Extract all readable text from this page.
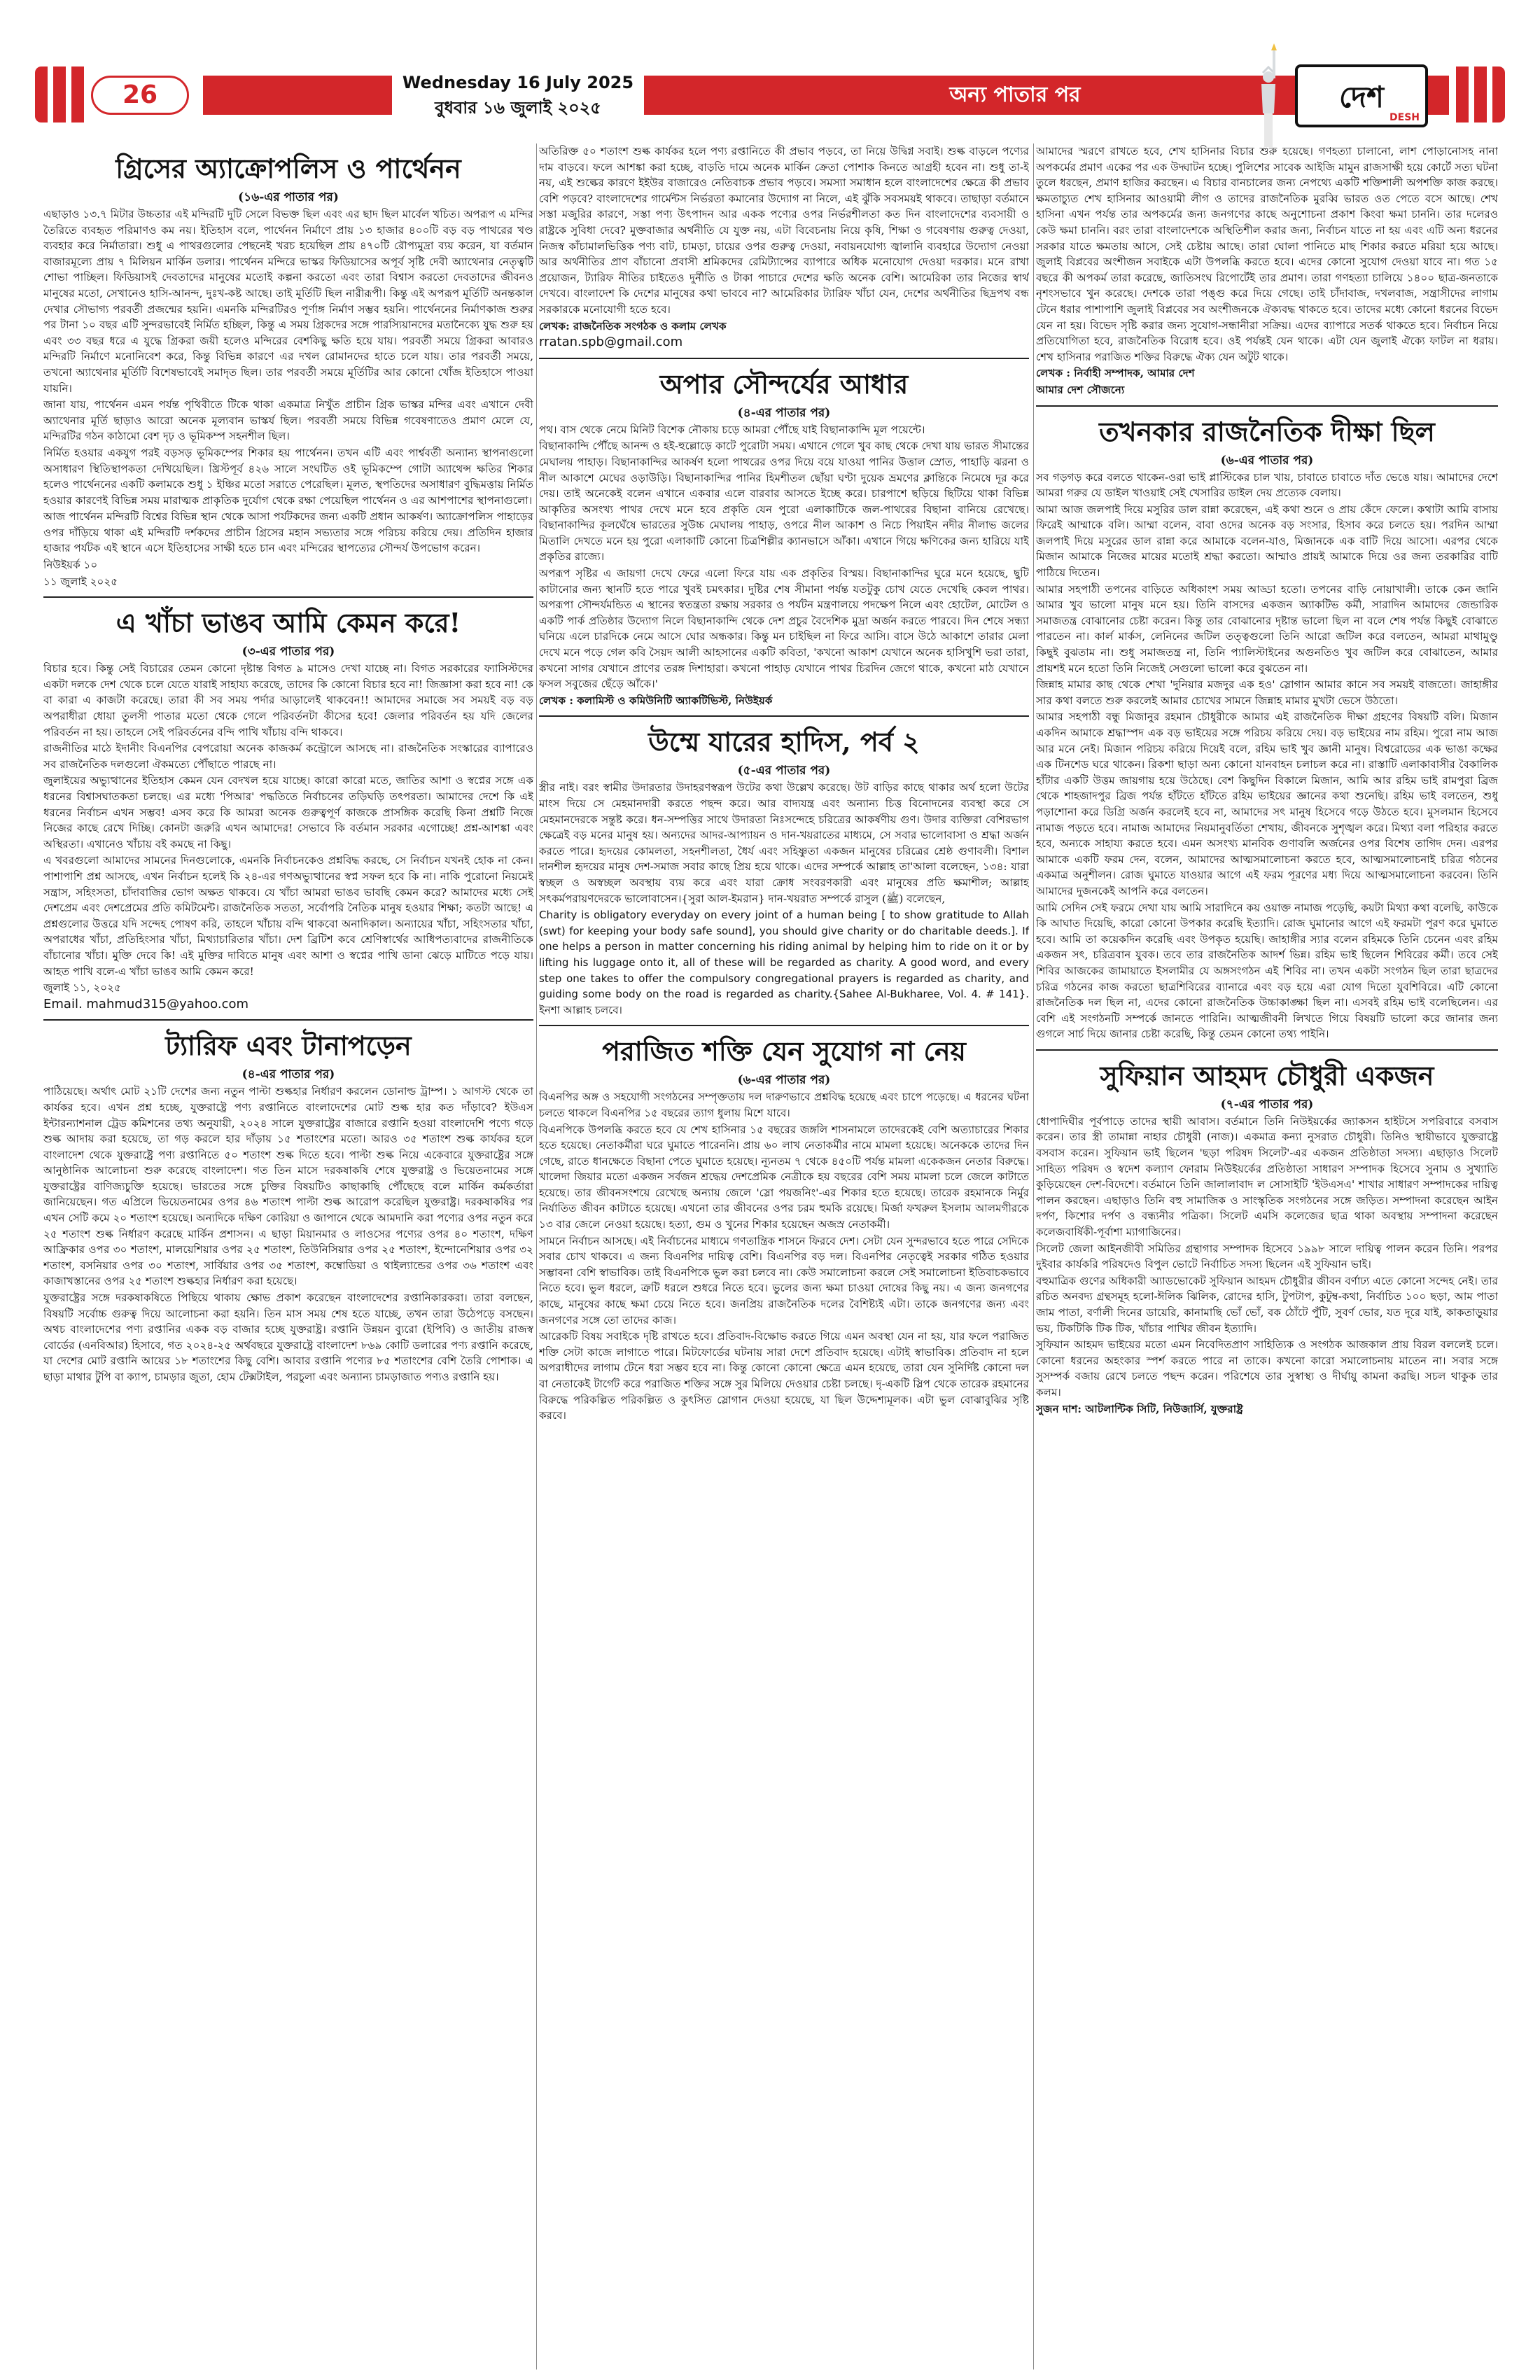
26	Wednesday 16 July 2025
বুধবার ১৬ জুলাই ২০২৫
অন্য পাতার পর	দেশ
DESH
গ্রিসের অ্যাক্রোপলিস ও পার্থেনন
(১৬-এর পাতার পর)

এছাড়াও ১৩.৭ মিটার উচ্চতার এই মন্দিরটি দুটি সেলে বিভক্ত ছিল এবং এর ছাদ ছিল মার্বেল খচিত। অপরূপ এ মন্দির তৈরিতে ব্যবহৃত পরিমাণও কম নয়। ইতিহাস বলে, পার্থেনন নির্মাণে প্রায় ১৩ হাজার ৪০০টি বড় বড় পাথরের খণ্ড ব্যবহার করে নির্মাতারা। শুধু এ পাথরগুলোর পেছনেই খরচ হয়েছিল প্রায় ৪৭০টি রৌপ্যমুদ্রা ব্যয় করেন, যা বর্তমান বাজারমূল্যে প্রায় ৭ মিলিয়ন মার্কিন ডলার। পার্থেনন মন্দিরে ভাস্কর ফিডিয়াসের অপূর্ব সৃষ্টি দেবী অ্যাথেনার নেতৃত্বটি শোভা পাচ্ছিল। ফিডিয়াসই দেবতাদের মানুষের মতোই কল্পনা করতো এবং তারা বিশ্বাস করতো দেবতাদের জীবনও মানুষের মতো, সেখানেও হাসি-আনন্দ, দুঃখ-কষ্ট আছে। তাই মূর্তিটি ছিল নারীরূপী। কিন্তু এই অপরূপ মূর্তিটি অনন্তকাল দেখার সৌভাগ্য পরবর্তী প্রজন্মের হয়নি। এমনকি মন্দিরটিরও পূর্ণাঙ্গ নির্মাণ সম্ভব হয়নি। পার্থেননের নির্মাণকাজ শুরুর পর টানা ১০ বছর এটি সুন্দরভাবেই নির্মিত হচ্ছিল, কিন্তু এ সময় গ্রিকদের সঙ্গে পারস্যিয়ানদের মতানৈক্যে যুদ্ধ শুরু হয় এবং ৩৩ বছর ধরে এ যুদ্ধে গ্রিকরা জয়ী হলেও মন্দিরের বেশকিছু ক্ষতি হয়ে যায়। পরবর্তী সময়ে গ্রিকরা আবারও মন্দিরটি নির্মাণে মনোনিবেশ করে, কিন্তু বিভিন্ন কারণে এর দখল রোমানদের হাতে চলে যায়। তার পরবর্তী সময়ে, তখনো অ্যাথেনার মূর্তিটি বিশেষভাবেই সমাদৃত ছিল। তার পরবর্তী সময়ে মূর্তিটির আর কোনো খোঁজ ইতিহাসে পাওয়া যায়নি।

জানা যায়, পার্থেনন এমন পর্যন্ত পৃথিবীতে টিকে থাকা একমাত্র নিখুঁত প্রাচীন গ্রিক ভাস্কর মন্দির এবং এখানে দেবী অ্যাথেনার মূর্তি ছাড়াও আরো অনেক মূল্যবান ভাস্কর্য ছিল। পরবর্তী সময়ে বিভিন্ন গবেষণাতেও প্রমাণ মেলে যে, মন্দিরটির গঠন কাঠামো বেশ দৃঢ় ও ভূমিকম্প সহনশীল ছিল।

নির্মিত হওয়ার একযুগ পরই বড়সড় ভূমিকম্পের শিকার হয় পার্থেনন। তখন এটি এবং পার্শ্ববর্তী অন্যান্য স্থাপনাগুলো অসাধারণ স্থিতিস্থাপকতা দেখিয়েছিল। খ্রিস্টপূর্ব ৪২৬ সালে সংঘটিত ওই ভূমিকম্পে গোটা অ্যাথেন্স ক্ষতির শিকার হলেও পার্থেননের একটি কলামকে শুধু ১ ইঞ্চির মতো সরাতে পেরেছিল। মূলত, স্থপতিদের অসাধারণ বুদ্ধিমত্তায় নির্মিত হওয়ার কারণেই বিভিন্ন সময় মারাত্মক প্রাকৃতিক দুর্যোগ থেকে রক্ষা পেয়েছিল পার্থেনন ও এর আশপাশের স্থাপনাগুলো।

আজ পার্থেনন মন্দিরটি বিশ্বের বিভিন্ন স্থান থেকে আসা পর্যটকদের জন্য একটি প্রধান আকর্ষণ। অ্যাক্রোপলিস পাহাড়ের ওপর দাঁড়িয়ে থাকা এই মন্দিরটি দর্শকদের প্রাচীন গ্রিসের মহান সভ্যতার সঙ্গে পরিচয় করিয়ে দেয়। প্রতিদিন হাজার হাজার পর্যটক এই স্থানে এসে ইতিহাসের সাক্ষী হতে চান এবং মন্দিরের স্থাপত্যের সৌন্দর্য উপভোগ করেন।

নিউইয়র্ক ১০

১১ জুলাই ২০২৫

এ খাঁচা ভাঙব আমি কেমন করে!
(৩-এর পাতার পর)

বিচার হবে। কিন্তু সেই বিচারের তেমন কোনো দৃষ্টান্ত বিগত ৯ মাসেও দেখা যাচ্ছে না। বিগত সরকারের ফ্যাসিস্টদের একটা দলকে দেশ থেকে চলে যেতে যারাই সাহায্য করেছে, তাদের কি কোনো বিচার হবে না! জিজ্ঞাসা করা হবে না! কে বা কারা এ কাজটা করেছে। তারা কী সব সময় পর্দার আড়ালেই থাকবেন!! আমাদের সমাজে সব সময়ই বড় বড় অপরাধীরা ধোয়া তুলসী পাতার মতো থেকে গেলে পরিবর্তনটা কীসের হবে! জেলার পরিবর্তন হয় যদি জেলের পরিবর্তন না হয়। তাহলে সেই পরিবর্তনের বন্দি পাখি খাঁচায় বন্দি থাকবে।

রাজনীতির মাঠে ইদানীং বিএনপির বেপরোয়া অনেক কাজকর্ম কন্ট্রোলে আসছে না। রাজনৈতিক সংস্কারের ব্যাপারেও সব রাজনৈতিক দলগুলো ঐকমত্যে পৌঁছাতে পারছে না।

জুলাইয়ের অভ্যুত্থানের ইতিহাস কেমন যেন বেদখল হয়ে যাচ্ছে। কারো কারো মতে, জাতির আশা ও স্বপ্নের সঙ্গে এক ধরনের বিশ্বাসঘাতকতা চলছে। এর মধ্যে 'পিআর' পদ্ধতিতে নির্বাচনের তড়িঘড়ি তৎপরতা। আমাদের দেশে কি এই ধরনের নির্বাচন এখন সম্ভব! এসব করে কি আমরা অনেক গুরুত্বপূর্ণ কাজকে প্রাসঙ্গিক করেছি কিনা প্রশ্নটি নিজে নিজের কাছে রেখে দিচ্ছি। কোনটা জরুরি এখন আমাদের! সেভাবে কি বর্তমান সরকার এগোচ্ছে! প্রশ্ন-আশঙ্কা এবং অস্থিরতা। এখানেও খাঁচায় বই কমছে না কিছু।

এ খবরগুলো আমাদের সামনের দিনগুলোকে, এমনকি নির্বাচনকেও প্রশ্নবিদ্ধ করছে, সে নির্বাচন যখনই হোক না কেন। পাশাপাশি প্রশ্ন আসছে, এখন নির্বাচন হলেই কি ২৪-এর গণঅভ্যুত্থানের স্বপ্ন সফল হবে কি না। নাকি পুরোনো নিয়মেই সন্ত্রাস, সহিংসতা, চাঁদাবাজির ভোগ অক্ষত থাকবে। যে খাঁচা আমরা ভাঙব ভাবছি কেমন করে? আমাদের মধ্যে সেই দেশপ্রেম এবং দেশপ্রেমের প্রতি কমিটমেন্ট। রাজনৈতিক সততা, সর্বোপরি নৈতিক মানুষ হওয়ার শিক্ষা; কতটা আছে! এ প্রশ্নগুলোর উত্তরে যদি সন্দেহ পোষণ করি, তাহলে খাঁচায় বন্দি থাকবো অনাদিকাল। অন্যায়ের খাঁচা, সহিংসতার খাঁচা, অপরাধের খাঁচা, প্রতিহিংসার খাঁচা, মিথ্যাচারিতার খাঁচা। দেশ ব্রিটিশ কবে শ্রেণিস্বার্থের আধিপত্যবাদের রাজনীতিকে বাঁচানোর খাঁচা। মুক্তি দেবে কি! এই মুক্তির দাবিতে মানুষ এবং আশা ও স্বপ্নের পাখি ডানা ঝেড়ে মাটিতে পড়ে যায়। আহত পাখি বলে-এ খাঁচা ভাঙব আমি কেমন করে!

জুলাই ১১, ২০২৫

Email. mahmud315@yahoo.com

ট্যারিফ এবং টানাপড়েন
(৪-এর পাতার পর)

পাঠিয়েছে। অর্থাৎ মোট ২১টি দেশের জন্য নতুন পাল্টা শুল্কহার নির্ধারণ করলেন ডোনাল্ড ট্রাম্প। ১ আগস্ট থেকে তা কার্যকর হবে। এখন প্রশ্ন হচ্ছে, যুক্তরাষ্ট্রে পণ্য রপ্তানিতে বাংলাদেশের মোট শুল্ক হার কত দাঁড়াবে? ইউএস ইন্টারন্যাশনাল ট্রেড কমিশনের তথ্য অনুযায়ী, ২০২৪ সালে যুক্তরাষ্ট্রের বাজারে রপ্তানি হওয়া বাংলাদেশি পণ্যে গড়ে শুল্ক আদায় করা হয়েছে, তা গড় করলে হার দাঁড়ায় ১৫ শতাংশের মতো। আরও ৩৫ শতাংশ শুল্ক কার্যকর হলে বাংলাদেশ থেকে যুক্তরাষ্ট্রে পণ্য রপ্তানিতে ৫০ শতাংশ শুল্ক দিতে হবে। পাল্টা শুল্ক নিয়ে একেবারে যুক্তরাষ্ট্রের সঙ্গে আনুষ্ঠানিক আলোচনা শুরু করেছে বাংলাদেশ। গত তিন মাসে দরকষাকষি শেষে যুক্তরাষ্ট্র ও ভিয়েতনামের সঙ্গে যুক্তরাষ্ট্রের বাণিজ্যচুক্তি হয়েছে। ভারতের সঙ্গে চুক্তির বিষয়টিও কাছাকাছি পৌঁছেছে বলে মার্কিন কর্মকর্তারা জানিয়েছেন। গত এপ্রিলে ভিয়েতনামের ওপর ৪৬ শতাংশ পাল্টা শুল্ক আরোপ করেছিল যুক্তরাষ্ট্র। দরকষাকষির পর এখন সেটি কমে ২০ শতাংশ হয়েছে। অন্যদিকে দক্ষিণ কোরিয়া ও জাপানে থেকে আমদানি করা পণ্যের ওপর নতুন করে ২৫ শতাংশ শুল্ক নির্ধারণ করেছে মার্কিন প্রশাসন। এ ছাড়া মিয়ানমার ও লাওসের পণ্যের ওপর ৪০ শতাংশ, দক্ষিণ আফ্রিকার ওপর ৩০ শতাংশ, মালয়েশিয়ার ওপর ২৫ শতাংশ, তিউনিসিয়ার ওপর ২৫ শতাংশ, ইন্দোনেশিয়ার ওপর ৩২ শতাংশ, বসনিয়ার ওপর ৩০ শতাংশ, সার্বিয়ার ওপর ৩৫ শতাংশ, কম্বোডিয়া ও থাইল্যান্ডের ওপর ৩৬ শতাংশ এবং কাজাখস্তানের ওপর ২৫ শতাংশ শুল্কহার নির্ধারণ করা হয়েছে।

যুক্তরাষ্ট্রের সঙ্গে দরকষাকষিতে পিছিয়ে থাকায় ক্ষোভ প্রকাশ করেছেন বাংলাদেশের রপ্তানিকারকরা। তারা বলছেন, বিষয়টি সর্বোচ্চ গুরুত্ব দিয়ে আলোচনা করা হয়নি। তিন মাস সময় শেষ হতে যাচ্ছে, তখন তারা উঠেপড়ে বসছেন। অথচ বাংলাদেশের পণ্য রপ্তানির একক বড় বাজার হচ্ছে যুক্তরাষ্ট্র। রপ্তানি উন্নয়ন ব্যুরো (ইপিবি) ও জাতীয় রাজস্ব বোর্ডের (এনবিআর) হিসাবে, গত ২০২৪-২৫ অর্থবছরে যুক্তরাষ্ট্রে বাংলাদেশ ৮৬৯ কোটি ডলারের পণ্য রপ্তানি করেছে, যা দেশের মোট রপ্তানি আয়ের ১৮ শতাংশের কিছু বেশি। আবার রপ্তানি পণ্যের ৮৫ শতাংশের বেশি তৈরি পোশাক। এ ছাড়া মাথার টুপি বা ক্যাপ, চামড়ার জুতা, হোম টেক্সটাইল, পরচুলা এবং অন্যান্য চামড়াজাত পণ্যও রপ্তানি হয়।

অতিরিক্ত ৫০ শতাংশ শুল্ক কার্যকর হলে পণ্য রপ্তানিতে কী প্রভাব পড়বে, তা নিয়ে উদ্বিগ্ন সবাই। শুল্ক বাড়লে পণ্যের দাম বাড়বে। ফলে আশঙ্কা করা হচ্ছে, বাড়তি দামে অনেক মার্কিন ক্রেতা পোশাক কিনতে আগ্রহী হবেন না। শুধু তা-ই নয়, এই শুল্কের কারণে ইইউর বাজারেও নেতিবাচক প্রভাব পড়বে। সমস্যা সমাধান হলে বাংলাদেশের ক্ষেত্রে কী প্রভাব বেশি পড়বে? বাংলাদেশের গার্মেন্টস নির্ভরতা কমানোর উদ্যোগ না নিলে, এই ঝুঁকি সবসময়ই থাকবে। তাছাড়া বর্তমানে সস্তা মজুরির কারণে, সস্তা পণ্য উৎপাদন আর একক পণ্যের ওপর নির্ভরশীলতা কত দিন বাংলাদেশের ব্যবসায়ী ও রাষ্ট্রকে সুবিধা দেবে? মুক্তবাজার অর্থনীতি যে যুক্ত নয়, এটা বিবেচনায় নিয়ে কৃষি, শিক্ষা ও গবেষণায় গুরুত্ব দেওয়া, নিজস্ব কাঁচামালভিত্তিক পণ্য বাট, চামড়া, চায়ের ওপর গুরুত্ব দেওয়া, নবায়নযোগ্য জ্বালানি ব্যবহারে উদ্যোগ নেওয়া আর অর্থনীতির প্রাণ বাঁচানো প্রবাসী শ্রমিকদের রেমিট্যান্সের ব্যাপারে অধিক মনোযোগ দেওয়া দরকার। মনে রাখা প্রয়োজন, ট্যারিফ নীতির চাইতেও দুর্নীতি ও টাকা পাচারে দেশের ক্ষতি অনেক বেশি। আমেরিকা তার নিজের স্বার্থ দেখবে। বাংলাদেশ কি দেশের মানুষের কথা ভাববে না? আমেরিকার ট্যারিফ খাঁচা যেন, দেশের অর্থনীতির ছিদ্রপথ বন্ধ সরকারকে মনোযোগী হতে হবে।

লেখক: রাজনৈতিক সংগঠক ও কলাম লেখক

rratan.spb@gmail.com

অপার সৌন্দর্যের আধার
(৪-এর পাতার পর)

পথ। বাস থেকে নেমে মিনিট বিশেক নৌকায় চড়ে আমরা পৌঁছে যাই বিছানাকান্দি মূল পয়েন্টে।

বিছানাকান্দি পৌঁছে আনন্দ ও হই-হুল্লোড়ে কাটে পুরোটা সময়। এখানে গেলে খুব কাছ থেকে দেখা যায় ভারত সীমান্তের মেঘালয় পাহাড়। বিছানাকান্দির আকর্ষণ হলো পাথরের ওপর দিয়ে বয়ে যাওয়া পানির উত্তাল স্রোত, পাহাড়ি ঝরনা ও নীল আকাশে মেঘের ওড়াউড়ি। বিছানাকান্দির পানির হিমশীতল ছোঁয়া ঘণ্টা দুয়েক ভ্রমণের ক্লান্তিকে নিমেষে দূর করে দেয়। তাই অনেকেই বলেন এখানে একবার এলে বারবার আসতে ইচ্ছে করে। চারপাশে ছড়িয়ে ছিটিয়ে থাকা বিভিন্ন আকৃতির অসংখ্য পাথর দেখে মনে হবে প্রকৃতি যেন পুরো এলাকাটিকে জল-পাথরের বিছানা বানিয়ে রেখেছে। বিছানাকান্দির কূলঘেঁষে ভারতের সুউচ্চ মেঘালয় পাহাড়, ওপরে নীল আকাশ ও নিচে পিয়াইন নদীর নীলাভ জলের মিতালি দেখতে মনে হয় পুরো এলাকাটি কোনো চিত্রশিল্পীর ক্যানভাসে আঁকা। এখানে গিয়ে ক্ষণিকের জন্য হারিয়ে যাই প্রকৃতির রাজ্যে।

অপরূপ সৃষ্টির এ জায়গা দেখে ফেরে এলো ফিরে যায় এক প্রকৃতির বিস্ময়। বিছানাকান্দির ঘুরে মনে হয়েছে, ছুটি কাটানোর জন্য স্থানটি হতে পারে খুবই চমৎকার। দুষ্টির শেষ সীমানা পর্যন্ত যতটুকু চোখ যেতে দেখেছি কেবল পাথর। অপরূপা সৌন্দর্যমন্ডিত এ স্থানের স্বতন্ত্রতা রক্ষায় সরকার ও পর্যটন মন্ত্রণালয়ে পদক্ষেপ নিলে এবং হোটেল, মোটেল ও একটি পার্ক প্রতিষ্ঠার উদ্যোগ নিলে বিছানাকান্দি থেকে দেশ প্রচুর বৈদেশিক মুদ্রা অর্জন করতে পারবে। দিন শেষে সন্ধ্যা ঘনিয়ে এলে চারদিকে নেমে আসে ঘোর অন্ধকার। কিন্তু মন চাইছিল না ফিরে আসি। বাসে উঠে আকাশে তারার মেলা দেখে মনে পড়ে গেল কবি সৈয়দ আলী আহসানের একটি কবিতা, 'কখনো আকাশ যেখানে অনেক হাসিখুশি ভরা তারা, কখনো সাগর যেখানে প্রাণের তরঙ্গ দিশাহারা। কখনো পাহাড় যেখানে পাথর চিরদিন জেগে থাকে, কখনো মাঠ যেখানে ফসল সবুজের ছেঁড়ে আঁকে।'

লেখক : কলামিস্ট ও কমিউনিটি অ্যাকটিভিস্ট, নিউইয়র্ক

উম্মে যারের হাদিস, পর্ব ২
(৫-এর পাতার পর)

স্ত্রীর নাই। বরং স্বামীর উদারতার উদাহরণস্বরূপ উটের কথা উল্লেখ করেছে। উট বাড়ির কাছে থাকার অর্থ হলো উটের মাংস দিয়ে সে মেহমানদারী করতে পছন্দ করে। আর বাদ্যযন্ত্র এবং অন্যান্য চিত্ত বিনোদনের ব্যবস্থা করে সে মেহমানদেরকে সন্তুষ্ট করে। ধন-সম্পত্তির সাথে উদারতা নিঃসন্দেহে চরিত্রের আকর্ষণীয় গুণ। উদার ব্যক্তিরা বেশিরভাগ ক্ষেত্রেই বড় মনের মানুষ হয়। অন্যদের আদর-আপ্যায়ন ও দান-খয়রাতের মাধ্যমে, সে সবার ভালোবাসা ও শ্রদ্ধা অর্জন করতে পারে। হৃদয়ের কোমলতা, সহনশীলতা, ধৈর্য এবং সহিষ্ণুতা একজন মানুষের চরিত্রের শ্রেষ্ঠ গুণাবলী। বিশাল দানশীল হৃদয়ের মানুষ দেশ-সমাজ সবার কাছে প্রিয় হয়ে থাকে। এদের সম্পর্কে আল্লাহ তা'আলা বলেছেন, ১৩৪: যারা স্বচ্ছল ও অস্বচ্ছল অবস্থায় ব্যয় করে এবং যারা ক্রোধ সংবরণকারী এবং মানুষের প্রতি ক্ষমাশীল; আল্লাহ সৎকর্মপরায়ণদেরকে ভালোবাসেন।{সুরা আল-ইমরান} দান-খয়রাত সম্পর্কে রাসুল (ﷺ) বলেছেন,

Charity is obligatory everyday on every joint of a human being [ to show gratitude to Allah (swt) for keeping your body safe sound], you should give charity or do charitable deeds.]. If one helps a person in matter concerning his riding animal by helping him to ride on it or by lifting his luggage onto it, all of these will be regarded as charity. A good word, and every step one takes to offer the compulsory congregational prayers is regarded as charity, and guiding some body on the road is regarded as charity.{Sahee Al-Bukharee, Vol. 4. # 141}. ইনশা আল্লাহ চলবে।

পরাজিত শক্তি যেন সুযোগ না নেয়
(৬-এর পাতার পর)

বিএনপির অঙ্গ ও সহযোগী সংগঠনের সম্পৃক্ততায় দল দারুণভাবে প্রশ্নবিদ্ধ হয়েছে এবং চাপে পড়েছে। এ ধরনের ঘটনা চলতে থাকলে বিএনপির ১৫ বছরের ত্যাগ ধুলায় মিশে যাবে।

বিএনপিকে উপলব্ধি করতে হবে যে শেখ হাসিনার ১৫ বছরের জঙ্গলি শাসনামলে তাদেরকেই বেশি অত্যাচারের শিকার হতে হয়েছে। নেতাকর্মীরা ঘরে ঘুমাতে পারেননি। প্রায় ৬০ লাখ নেতাকর্মীর নামে মামলা হয়েছে। অনেককে তাদের দিন গেছে, রাতে ধানক্ষেতে বিছানা পেতে ঘুমাতে হয়েছে। ন্যূনতম ৭ থেকে ৪৫০টি পর্যন্ত মামলা একেকজন নেতার বিরুদ্ধে। খালেদা জিয়ার মতো একজন সর্বজন শ্রদ্ধেয় দেশপ্রেমিক নেত্রীকে হয় বছরের বেশি সময় মামলা চলে জেলে কাটাতে হয়েছে। তার জীবনসংশয়ে রেখেছে অন্যায় জেলে 'স্লো পয়জনিং'-এর শিকার হতে হয়েছে। তারেক রহমানকে নির্মুর নির্যাতিত জীবন কাটাতে হয়েছে। এখনো তার জীবনের ওপর চরম হুমকি রয়েছে। মির্জা ফখরুল ইসলাম আলমগীরকে ১৩ বার জেলে নেওয়া হয়েছে। হত্যা, গুম ও খুনের শিকার হয়েছেন অজস্র নেতাকর্মী।

সামনে নির্বাচন আসছে। এই নির্বাচনের মাধ্যমে গণতান্ত্রিক শাসনে ফিরবে দেশ। সেটা যেন সুন্দরভাবে হতে পারে সেদিকে সবার চোখ থাকবে। এ জন্য বিএনপির দায়িত্ব বেশি। বিএনপির বড় দল। বিএনপির নেতৃত্বেই সরকার গঠিত হওয়ার সম্ভাবনা বেশি স্বাভাবিক। তাই বিএনপিকে ভুল করা চলবে না। কেউ সমালোচনা করলে সেই সমালোচনা ইতিবাচকভাবে নিতে হবে। ভুল ধরলে, ত্রুটি ধরলে শুধরে নিতে হবে। ভুলের জন্য ক্ষমা চাওয়া দোষের কিছু নয়। এ জন্য জনগণের কাছে, মানুষের কাছে ক্ষমা চেয়ে নিতে হবে। জনপ্রিয় রাজনৈতিক দলের বৈশিষ্ট্যই এটা। তাকে জনগণের জন্য এবং জনগণের সঙ্গে তো তাদের কাজ।

আরেকটি বিষয় সবাইকে দৃষ্টি রাখতে হবে। প্রতিবাদ-বিক্ষোভ করতে গিয়ে এমন অবস্থা যেন না হয়, যার ফলে পরাজিত শক্তি সেটা কাজে লাগাতে পারে। মিটফোর্ডের ঘটনায় সারা দেশে প্রতিবাদ হয়েছে। এটাই স্বাভাবিক। প্রতিবাদ না হলে অপরাধীদের লাগাম টেনে ধরা সম্ভব হবে না। কিন্তু কোনো কোনো ক্ষেত্রে এমন হয়েছে, তারা যেন সুনির্দিষ্ট কোনো দল বা নেতাকেই টার্গেট করে পরাজিত শক্তির সঙ্গে সুর মিলিয়ে দেওয়ার চেষ্টা চলছে। দৃ-একটি স্লিপ থেকে তারেক রহমানের বিরুদ্ধে পরিকল্পিত পরিকল্পিত ও কুৎসিত স্লোগান দেওয়া হয়েছে, যা ছিল উদ্দেশ্যমূলক। এটা ভুল বোঝাবুঝির সৃষ্টি করবে।

আমাদের স্মরণে রাখতে হবে, শেখ হাসিনার বিচার শুরু হয়েছে। গণহত্যা চালানো, লাশ পোড়ানোসহ নানা অপকর্মের প্রমাণ একের পর এক উদ্ঘাটন হচ্ছে। পুলিশের সাবেক আইজি মামুন রাজসাক্ষী হয়ে কোর্টে সত্য ঘটনা তুলে ধরছেন, প্রমাণ হাজির করছেন। এ বিচার বানচালের জন্য নেপথ্যে একটি শক্তিশালী অপশক্তি কাজ করছে। ক্ষমতাচ্যুত শেখ হাসিনার আওয়ামী লীগ ও তাদের রাজনৈতিক মুরব্বি ভারত ওত পেতে বসে আছে। শেখ হাসিনা এখন পর্যন্ত তার অপকর্মের জন্য জনগণের কাছে অনুশোচনা প্রকাশ কিংবা ক্ষমা চাননি। তার দলেরও কেউ ক্ষমা চাননি। বরং তারা বাংলাদেশকে অস্থিতিশীল করার জন্য, নির্বাচন যাতে না হয় এবং এটি অন্য ধরনের সরকার যাতে ক্ষমতায় আসে, সেই চেষ্টায় আছে। তারা ঘোলা পানিতে মাছ শিকার করতে মরিয়া হয়ে আছে। জুলাই বিপ্লবের অংশীজন সবাইকে এটা উপলব্ধি করতে হবে। এদের কোনো সুযোগ দেওয়া যাবে না। গত ১৫ বছরে কী অপকর্ম তারা করেছে, জাতিসংঘ রিপোর্টেই তার প্রমাণ। তারা গণহত্যা চালিয়ে ১৪০০ ছাত্র-জনতাকে নৃশংসভাবে খুন করেছে। দেশকে তারা পঙ্গু করে দিয়ে গেছে। তাই চাঁদাবাজ, দখলবাজ, সন্ত্রাসীদের লাগাম টেনে ধরার পাশাপাশি জুলাই বিপ্লবের সব অংশীজনকে ঐক্যবদ্ধ থাকতে হবে। তাদের মধ্যে কোনো ধরনের বিভেদ যেন না হয়। বিভেদ সৃষ্টি করার জন্য সুযোগ-সন্ধানীরা সক্রিয়। এদের ব্যাপারে সতর্ক থাকতে হবে। নির্বাচন নিয়ে প্রতিযোগিতা হবে, রাজনৈতিক বিরোধ হবে। ওই পর্যন্তই যেন থাকে। এটা যেন জুলাই ঐক্যে ফাটল না ধরায়। শেখ হাসিনার পরাজিত শক্তির বিরুদ্ধে ঐক্য যেন অটুট থাকে।

লেখক : নির্বাহী সম্পাদক, আমার দেশ

আমার দেশ সৌজন্যে

তখনকার রাজনৈতিক দীক্ষা ছিল
(৬-এর পাতার পর)

সব গড়গড় করে বলতে থাকেন-ওরা ভাই প্লাস্টিকের চাল খায়, চাবাতে চাবাতে দাঁত ভেঙে যায়। আমাদের দেশে আমরা গরুর যে ডাইল খাওয়াই সেই খেসারির ডাইল দেয় প্রত্যেক বেলায়।

আমা আজ জলপাই দিয়ে মসুরির ডাল রান্না করেছেন, এই কথা শুনে ও প্রায় কেঁদে ফেলে। কথাটা আমি বাসায় ফিরেই আম্মাকে বলি। আম্মা বলেন, বাবা ওদের অনেক বড় সংসার, হিসাব করে চলতে হয়। পরদিন আম্মা জলপাই দিয়ে মসুরের ডাল রান্না করে আমাকে বলেন-যাও, মিজানকে এক বাটি দিয়ে আসো। এরপর থেকে মিজান আমাকে নিজের মায়ের মতোই শ্রদ্ধা করতো। আম্মাও প্রায়ই আমাকে দিয়ে ওর জন্য তরকারির বাটি পাঠিয়ে দিতেন।

আমার সহপাঠী তপনের বাড়িতে অধিকাংশ সময় আড্ডা হতো। তপনের বাড়ি নোয়াখালী। তাকে কেন জানি আমার খুব ভালো মানুষ মনে হয়। তিনি বাসদের একজন অ্যাকটিভ কর্মী, সারাদিন আমাদের জেন্ডারিক সমাজতন্ত্র বোঝানোর চেষ্টা করেন। কিন্তু তার বোঝানোর দৃষ্টান্ত ভালো ছিল না বলে শেষ পর্যন্ত কিছুই বোঝাতে পারতেন না। কার্ল মার্কস, লেনিনের জটিল তত্ত্বগুলো তিনি আরো জটিল করে বলতেন, আমরা মাথামুণ্ডু কিছুই বুঝতাম না। শুধু সমাজতন্ত্র না, তিনি প্যালিস্টাইনের অগুনতিও খুব জটিল করে বোঝাতেন, আমার প্রায়শই মনে হতো তিনি নিজেই সেগুলো ভালো করে বুঝতেন না।

জিন্নাহ মামার কাছ থেকে শেখা 'দুনিয়ার মজদুর এক হও' স্লোগান আমার কানে সব সময়ই বাজতো। জাহাঙ্গীর সার কথা বলতে শুরু করলেই আমার চোখের সামনে জিন্নাহ মামার মুখটা ভেসে উঠতো।

আমার সহপাঠী বন্ধু মিজানুর রহমান চৌধুরীকে আমার এই রাজনৈতিক দীক্ষা গ্রহণের বিষয়টি বলি। মিজান একদিন আমাকে শ্রদ্ধাস্পদ এক বড় ভাইয়ের সঙ্গে পরিচয় করিয়ে দেয়। বড় ভাইয়ের নাম রহিম। পুরো নাম আজ আর মনে নেই। মিজান পরিচয় করিয়ে দিয়েই বলে, রহিম ভাই খুব জ্ঞানী মানুষ। বিশ্বরোডের এক ভাঙা কক্ষের এক টিনশেড ঘরে থাকেন। রিকশা ছাড়া অন্য কোনো যানবাহন চলাচল করে না। রাস্তাটি এলাকাবাসীর বৈকালিক হাঁটার একটি উত্তম জায়গায় হয়ে উঠেছে। বেশ কিছুদিন বিকালে মিজান, আমি আর রহিম ভাই রামপুরা ব্রিজ থেকে শাহজাদপুর ব্রিজ পর্যন্ত হাঁটতে হাঁটতে রহিম ভাইয়ের জ্ঞানের কথা শুনেছি। রহিম ভাই বলতেন, শুধু পড়াশোনা করে ডিগ্রি অর্জন করলেই হবে না, আমাদের সৎ মানুষ হিসেবে গড়ে উঠতে হবে। মুসলমান হিসেবে নামাজ পড়তে হবে। নামাজ আমাদের নিয়মানুবর্তিতা শেখায়, জীবনকে সুশৃঙ্খল করে। মিথ্যা বলা পরিহার করতে হবে, অন্যকে সাহায্য করতে হবে। এমন অসংখ্য মানবিক গুণাবলি অর্জনের ওপর বিশেষ তাগিদ দেন। এরপর আমাকে একটি ফরম দেন, বলেন, আমাদের আত্মসমালোচনা করতে হবে, আত্মসমালোচনাই চরিত্র গঠনের একমাত্র অনুশীলন। রোজ ঘুমাতে যাওয়ার আগে এই ফরম পূরণের মধ্য দিয়ে আত্মসমালোচনা করবেন। তিনি আমাদের দুজনকেই আপনি করে বলতেন।

আমি সেদিন সেই ফরমে দেখা যায় আমি সারাদিনে কয় ওয়াক্ত নামাজ পড়েছি, কয়টা মিথ্যা কথা বলেছি, কাউকে কি আঘাত দিয়েছি, কারো কোনো উপকার করেছি ইত্যাদি। রোজ ঘুমানোর আগে এই ফরমটা পূরণ করে ঘুমাতে হবে। আমি তা কয়েকদিন করেছি এবং উপকৃত হয়েছি। জাহাঙ্গীর স্যার বলেন রহিমকে তিনি চেনেন এবং রহিম একজন সৎ, চরিত্রবান যুবক। তবে তার রাজনৈতিক আদর্শ ভিন্ন। রহিম ভাই ছিলেন শিবিরের কর্মী। তবে সেই শিবির আজকের জামায়াতে ইসলামীর যে অঙ্গসংগঠন এই শিবির না। তখন একটা সংগঠন ছিল তারা ছাত্রদের চরিত্র গঠনের কাজ করতো ছাত্রশিবিরের ব্যানারে এবং বড় হয়ে এরা যোগ দিতো যুবশিবিরে। এটি কোনো রাজনৈতিক দল ছিল না, এদের কোনো রাজনৈতিক উচ্চাকাঙ্ক্ষা ছিল না। এসবই রহিম ভাই বলেছিলেন। এর বেশি এই সংগঠনটি সম্পর্কে জানতে পারিনি। আত্মজীবনী লিখতে গিয়ে বিষয়টি ভালো করে জানার জন্য গুগলে সার্চ দিয়ে জানার চেষ্টা করেছি, কিন্তু তেমন কোনো তথ্য পাইনি।

সুফিয়ান আহমদ চৌধুরী একজন
(৭-এর পাতার পর)

ধোপাদিঘীর পূর্বপাড়ে তাদের স্থায়ী আবাস। বর্তমানে তিনি নিউইয়র্কের জ্যাকসন হাইটসে সপরিবারে বসবাস করেন। তার স্ত্রী তামান্না নাহার চৌধুরী (নাজ)। একমাত্র কন্যা নুসরাত চৌধুরী। তিনিও স্থায়ীভাবে যুক্তরাষ্ট্রে বসবাস করেন। সুফিয়ান ভাই ছিলেন 'ছড়া পরিষদ সিলেট'-এর একজন প্রতিষ্ঠাতা সদস্য। এছাড়াও সিলেট সাহিত্য পরিষদ ও স্বদেশ কল্যাণ ফোরাম নিউইয়র্কের প্রতিষ্ঠাতা সাধারণ সম্পাদক হিসেবে সুনাম ও সুখ্যাতি কুড়িয়েছেন দেশ-বিদেশে। বর্তমানে তিনি জালালাবাদ ল সোসাইটি 'ইউএসএ' শাখার সাধারণ সম্পাদকের দায়িত্ব পালন করছেন। এছাড়াও তিনি বহু সামাজিক ও সাংস্কৃতিক সংগঠনের সঙ্গে জড়িত। সম্পাদনা করেছেন আইন দর্পণ, কিশোর দর্পণ ও বন্ধ্যনীর পত্রিকা। সিলেট এমসি কলেজের ছাত্র থাকা অবস্থায় সম্পাদনা করেছেন কলেজবার্ষিকী-পূর্বাশা ম্যাগাজিনের।

সিলেট জেলা আইনজীবী সমিতির গ্রন্থাগার সম্পাদক হিসেবে ১৯৯৮ সালে দায়িত্ব পালন করেন তিনি। পরপর দুইবার কার্যকরি পরিষদেও বিপুল ভোটে নির্বাচিত সদস্য ছিলেন এই সুফিয়ান ভাই।

বহুমাত্রিক গুণের অধিকারী অ্যাডভোকেট সুফিয়ান আহমদ চৌধুরীর জীবন বর্ণাঢ্য এতে কোনো সন্দেহ নেই। তার রচিত অনবদ্য গ্রন্থসমূহ হলো-ঈলিক ঝিলিক, রোদের হাসি, টুপটাপ, কুটুম্ব-কথা, নির্বাচিত ১০০ ছড়া, আম পাতা জাম পাতা, বর্ণালী দিনের ডায়েরি, কানামাছি ভোঁ ভোঁ, বক ঠোঁটে পুঁটি, সুবর্ণ ভোর, যত দূরে যাই, কাকতাড়ুয়ার ভয়, টিকটিকি টিক টিক, খাঁচার পাখির জীবন ইত্যাদি।

সুফিয়ান আহমদ ভাইয়ের মতো এমন নিবেদিতপ্রাণ সাহিত্যিক ও সংগঠক আজকাল প্রায় বিরল বললেই চলে। কোনো ধরনের অহংকার স্পর্শ করতে পারে না তাকে। কখনো কারো সমালোচনায় মাতেন না। সবার সঙ্গে সুসম্পর্ক বজায় রেখে চলতে পছন্দ করেন। পরিশেষে তার সুস্বাস্থ্য ও দীর্ঘায়ু কামনা করছি। সচল থাকুক তার কলম।

সুজন দাশ: আটলান্টিক সিটি, নিউজার্সি, যুক্তরাষ্ট্র
